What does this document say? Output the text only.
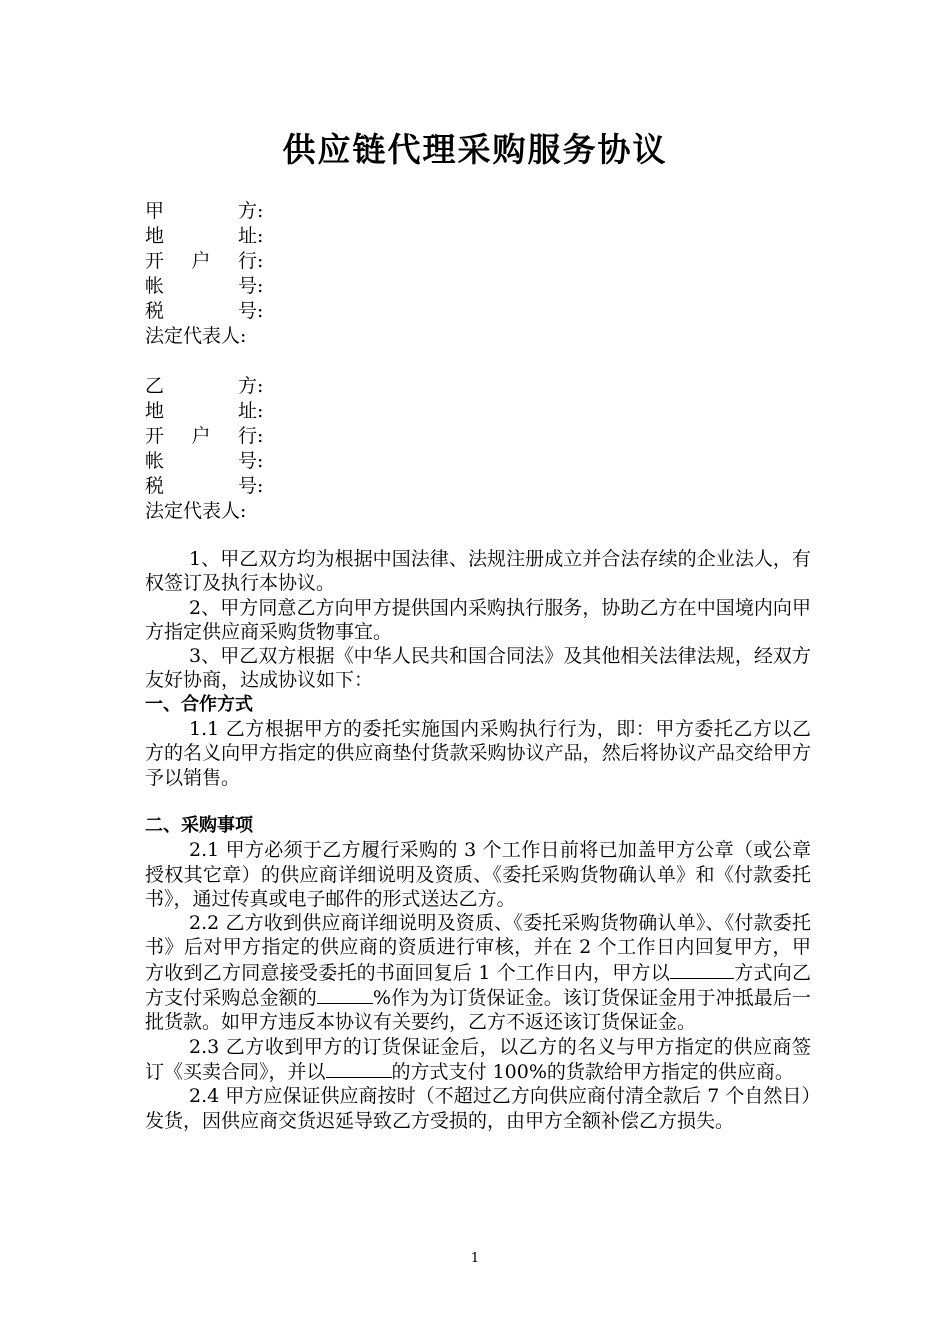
供应链代理采购服务协议
甲	方 :
地	址 :
开 户 行 :
帐	号 :
税	号 :
法定代表人 :
乙	方 :
地	址 :
开 户 行 :
帐	号 :
税	号 :
法定代表人 :

1、甲乙双方均为根据中国法律、法规注册成立并合法存续的企业法人，有权签订及执行本协议。

2、甲方同意乙方向甲方提供国内采购执行服务，协助乙方在中国境内向甲方指定供应商采购货物事宜。

3、甲乙双方根据《中华人民共和国合同法》及其他相关法律法规，经双方友好协商，达成协议如下：

一、合作方式

1.1 乙方根据甲方的委托实施国内采购执行行为，即：甲方委托乙方以乙方的名义向甲方指定的供应商垫付货款采购协议产品，然后将协议产品交给甲方予以销售。

二、采购事项

2.1 甲方必须于乙方履行采购的 3 个工作日前将已加盖甲方公章（或公章授权其它章）的供应商详细说明及资质、《委托采购货物确认单》和《付款委托书》，通过传真或电子邮件的形式送达乙方。

2.2 乙方收到供应商详细说明及资质、《委托采购货物确认单》、《付款委托书》后对甲方指定的供应商的资质进行审核，并在 2 个工作日内回复甲方，甲方收到乙方同意接受委托的书面回复后 1 个工作日内，甲方以	方式向乙方支付采购总金额的	%作为为订货保证金。该订货保证金用于冲抵最后一批货款。如甲方违反本协议有关要约，乙方不返还该订货保证金。

2.3 乙方收到甲方的订货保证金后，以乙方的名义与甲方指定的供应商签订《买卖合同》，并以	的方式支付 100%的货款给甲方指定的供应商。

2.4 甲方应保证供应商按时（不超过乙方向供应商付清全款后 7 个自然日）发货，因供应商交货迟延导致乙方受损的，由甲方全额补偿乙方损失。

1
